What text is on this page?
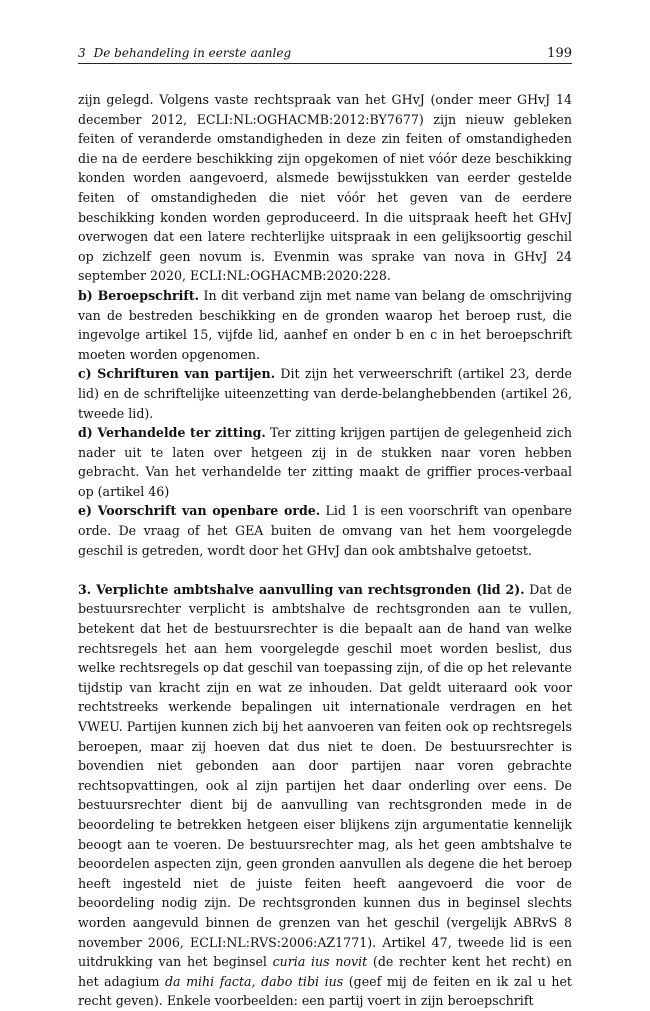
3 De behandeling in eerste aanleg	199

zijn gelegd. Volgens vaste rechtspraak van het GHvJ (onder meer GHvJ 14 december 2012, ECLI:NL:OGHACMB:2012:BY7677) zijn nieuw gebleken feiten of veranderde omstandigheden in deze zin feiten of omstandigheden die na de eerdere beschikking zijn opgekomen of niet vóór deze beschikking konden worden aangevoerd, alsmede bewijsstukken van eerder gestelde feiten of omstandigheden die niet vóór het geven van de eerdere beschikking konden worden geproduceerd. In die uitspraak heeft het GHvJ overwogen dat een latere rechterlijke uitspraak in een gelijksoortig geschil op zichzelf geen novum is. Evenmin was sprake van nova in GHvJ 24 september 2020, ECLI:NL:OGHACMB:2020:228.

b) Beroepschrift. In dit verband zijn met name van belang de omschrijving van de bestreden beschikking en de gronden waarop het beroep rust, die ingevolge artikel 15, vijfde lid, aanhef en onder b en c in het beroepschrift moeten worden opgenomen.

c) Schrifturen van partijen. Dit zijn het verweerschrift (artikel 23, derde lid) en de schriftelijke uiteenzetting van derde-belanghebbenden (artikel 26, tweede lid).

d) Verhandelde ter zitting. Ter zitting krijgen partijen de gelegenheid zich nader uit te laten over hetgeen zij in de stukken naar voren hebben gebracht. Van het verhandelde ter zitting maakt de griffier proces-verbaal op (artikel 46)

e) Voorschrift van openbare orde. Lid 1 is een voorschrift van openbare orde. De vraag of het GEA buiten de omvang van het hem voorgelegde geschil is getreden, wordt door het GHvJ dan ook ambtshalve getoetst.

3. Verplichte ambtshalve aanvulling van rechtsgronden (lid 2). Dat de bestuursrechter verplicht is ambtshalve de rechtsgronden aan te vullen, betekent dat het de bestuursrechter is die bepaalt aan de hand van welke rechtsregels het aan hem voorgelegde geschil moet worden beslist, dus welke rechtsregels op dat geschil van toepassing zijn, of die op het relevante tijdstip van kracht zijn en wat ze inhouden. Dat geldt uiteraard ook voor rechtstreeks werkende bepalingen uit internationale verdragen en het VWEU. Partijen kunnen zich bij het aanvoeren van feiten ook op rechtsregels beroepen, maar zij hoeven dat dus niet te doen. De bestuursrechter is bovendien niet gebonden aan door partijen naar voren gebrachte rechtsopvattingen, ook al zijn partijen het daar onderling over eens. De bestuursrechter dient bij de aanvulling van rechtsgronden mede in de beoordeling te betrekken hetgeen eiser blijkens zijn argumentatie kennelijk beoogt aan te voeren. De bestuursrechter mag, als het geen ambtshalve te beoordelen aspecten zijn, geen gronden aanvullen als degene die het beroep heeft ingesteld niet de juiste feiten heeft aangevoerd die voor de beoordeling nodig zijn. De rechtsgronden kunnen dus in beginsel slechts worden aangevuld binnen de grenzen van het geschil (vergelijk ABRvS 8 november 2006, ECLI:NL:RVS:2006:AZ1771). Artikel 47, tweede lid is een uitdrukking van het beginsel curia ius novit (de rechter kent het recht) en het adagium da mihi facta, dabo tibi ius (geef mij de feiten en ik zal u het recht geven). Enkele voorbeelden: een partij voert in zijn beroepschrift
